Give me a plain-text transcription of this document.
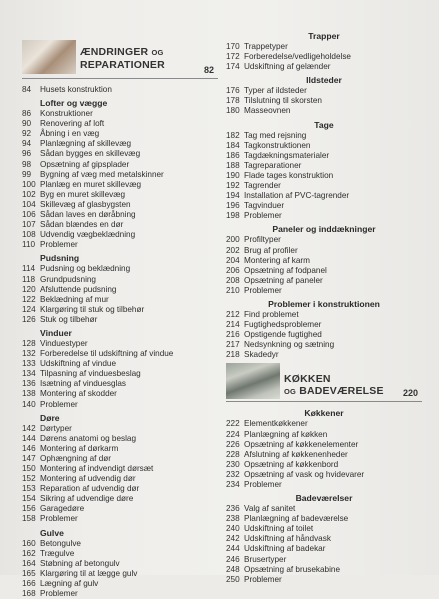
ÆNDRINGER OG
REPARATIONER	82
84	Husets konstruktion
Lofter og vægge
86	Konstruktioner
90	Renovering af loft
92	Åbning i en væg
94	Planlægning af skillevæg
96	Sådan bygges en skillevæg
98	Opsætning af gipsplader
99	Bygning af væg med metalskinner
100 Planlæg en muret skillevæg
102 Byg en muret skillevæg
104 Skillevæg af glasbygsten
106 Sådan laves en døråbning
107 Sådan blændes en dør
108 Udvendig vægbeklædning
110 Problemer
Pudsning
114 Pudsning og beklædning
118 Grundpudsning
120 Afsluttende pudsning
122 Beklædning af mur
124 Klargøring til stuk og tilbehør
126 Stuk og tilbehør
Vinduer
128 Vinduestyper
132 Forberedelse til udskiftning af vindue
133 Udskiftning af vindue
134 Tilpasning af vinduesbeslag
136 Isætning af vinduesglas
138 Montering af skodder
140 Problemer
Døre
142 Dørtyper
144 Dørens anatomi og beslag
146 Montering af dørkarm
147 Ophængning af dør
150 Montering af indvendigt dørsæt
152 Montering af udvendig dør
153 Reparation af udvendig dør
154 Sikring af udvendige døre
156 Garagedøre
158 Problemer
Gulve
160 Betongulve
162 Trægulve
164 Støbning af betongulv
165 Klargøring til at lægge gulv
166 Lægning af gulv
168 Problemer
Trapper
170 Trappetyper
172 Forberedelse/vedligeholdelse
174 Udskiftning af gelænder
Ildsteder
176 Typer af ildsteder
178 Tilslutning til skorsten
180 Masseovnen
Tage
182 Tag med rejsning
184 Tagkonstruktionen
186 Tagdækningsmaterialer
188 Tagreparationer
190 Flade tages konstruktion
192 Tagrender
194 Installation af PVC-tagrender
196 Tagvinduer
198 Problemer
Paneler og inddækninger
200 Profiltyper
202 Brug af profiler
204 Montering af karm
206 Opsætning af fodpanel
208 Opsætning af paneler
210 Problemer
Problemer i konstruktionen
212 Find problemet
214 Fugtighedsproblemer
216 Opstigende fugtighed
217 Nedsynkning og sætning
218 Skadedyr
KØKKEN
OG BADEVÆRELSE 220
Køkkener
222 Elementkøkkener
224 Planlægning af køkken
226 Opsætning af køkkenelementer
228 Afslutning af køkkenenheder
230 Opsætning af køkkenbord
232 Opsætning af vask og hvidevarer
234 Problemer
Badeværelser
236 Valg af sanitet
238 Planlægning af badeværelse
240 Udskiftning af toilet
242 Udskiftning af håndvask
244 Udskiftning af badekar
246 Brusertyper
248 Opsætning af brusekabine
250 Problemer
